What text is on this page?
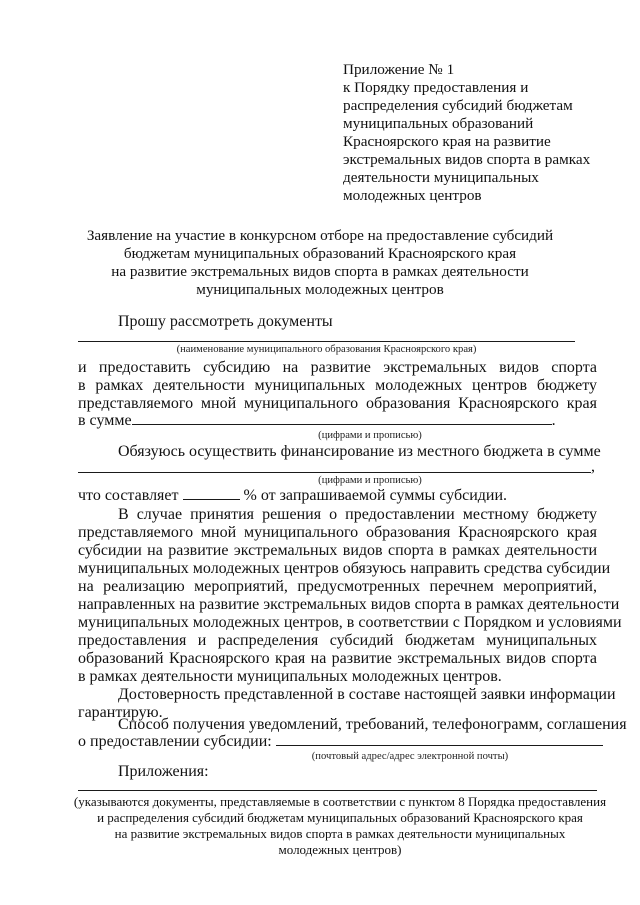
Приложение № 1
к Порядку предоставления и
распределения субсидий бюджетам
муниципальных образований
Красноярского края на развитие
экстремальных видов спорта в рамках
деятельности муниципальных
молодежных центров
Заявление на участие в конкурсном отборе на предоставление субсидий
бюджетам муниципальных образований Красноярского края
на развитие экстремальных видов спорта в рамках деятельности
муниципальных молодежных центров
Прошу рассмотреть документы
(наименование муниципального образования Красноярского края)
и предоставить субсидию на развитие экстремальных видов спорта
в рамках деятельности муниципальных молодежных центров бюджету
представляемого мной муниципального образования Красноярского края
в сумме	.
(цифрами и прописью)
Обязуюсь осуществить финансирование из местного бюджета в сумме
,
(цифрами и прописью)
что составляет	% от запрашиваемой суммы субсидии.
В случае принятия решения о предоставлении местному бюджету
представляемого мной муниципального образования Красноярского края
субсидии на развитие экстремальных видов спорта в рамках деятельности
муниципальных молодежных центров обязуюсь направить средства субсидии
на реализацию мероприятий, предусмотренных перечнем мероприятий,
направленных на развитие экстремальных видов спорта в рамках деятельности
муниципальных молодежных центров, в соответствии с Порядком и условиями
предоставления и распределения субсидий бюджетам муниципальных
образований Красноярского края на развитие экстремальных видов спорта
в рамках деятельности муниципальных молодежных центров.
Достоверность представленной в составе настоящей заявки информации
гарантирую.
Способ получения уведомлений, требований, телефонограмм, соглашения
о предоставлении субсидии:
(почтовый адрес/адрес электронной почты)
Приложения:
(указываются документы, представляемые в соответствии с пунктом 8 Порядка предоставления
и распределения субсидий бюджетам муниципальных образований Красноярского края
на развитие экстремальных видов спорта в рамках деятельности муниципальных
молодежных центров)
